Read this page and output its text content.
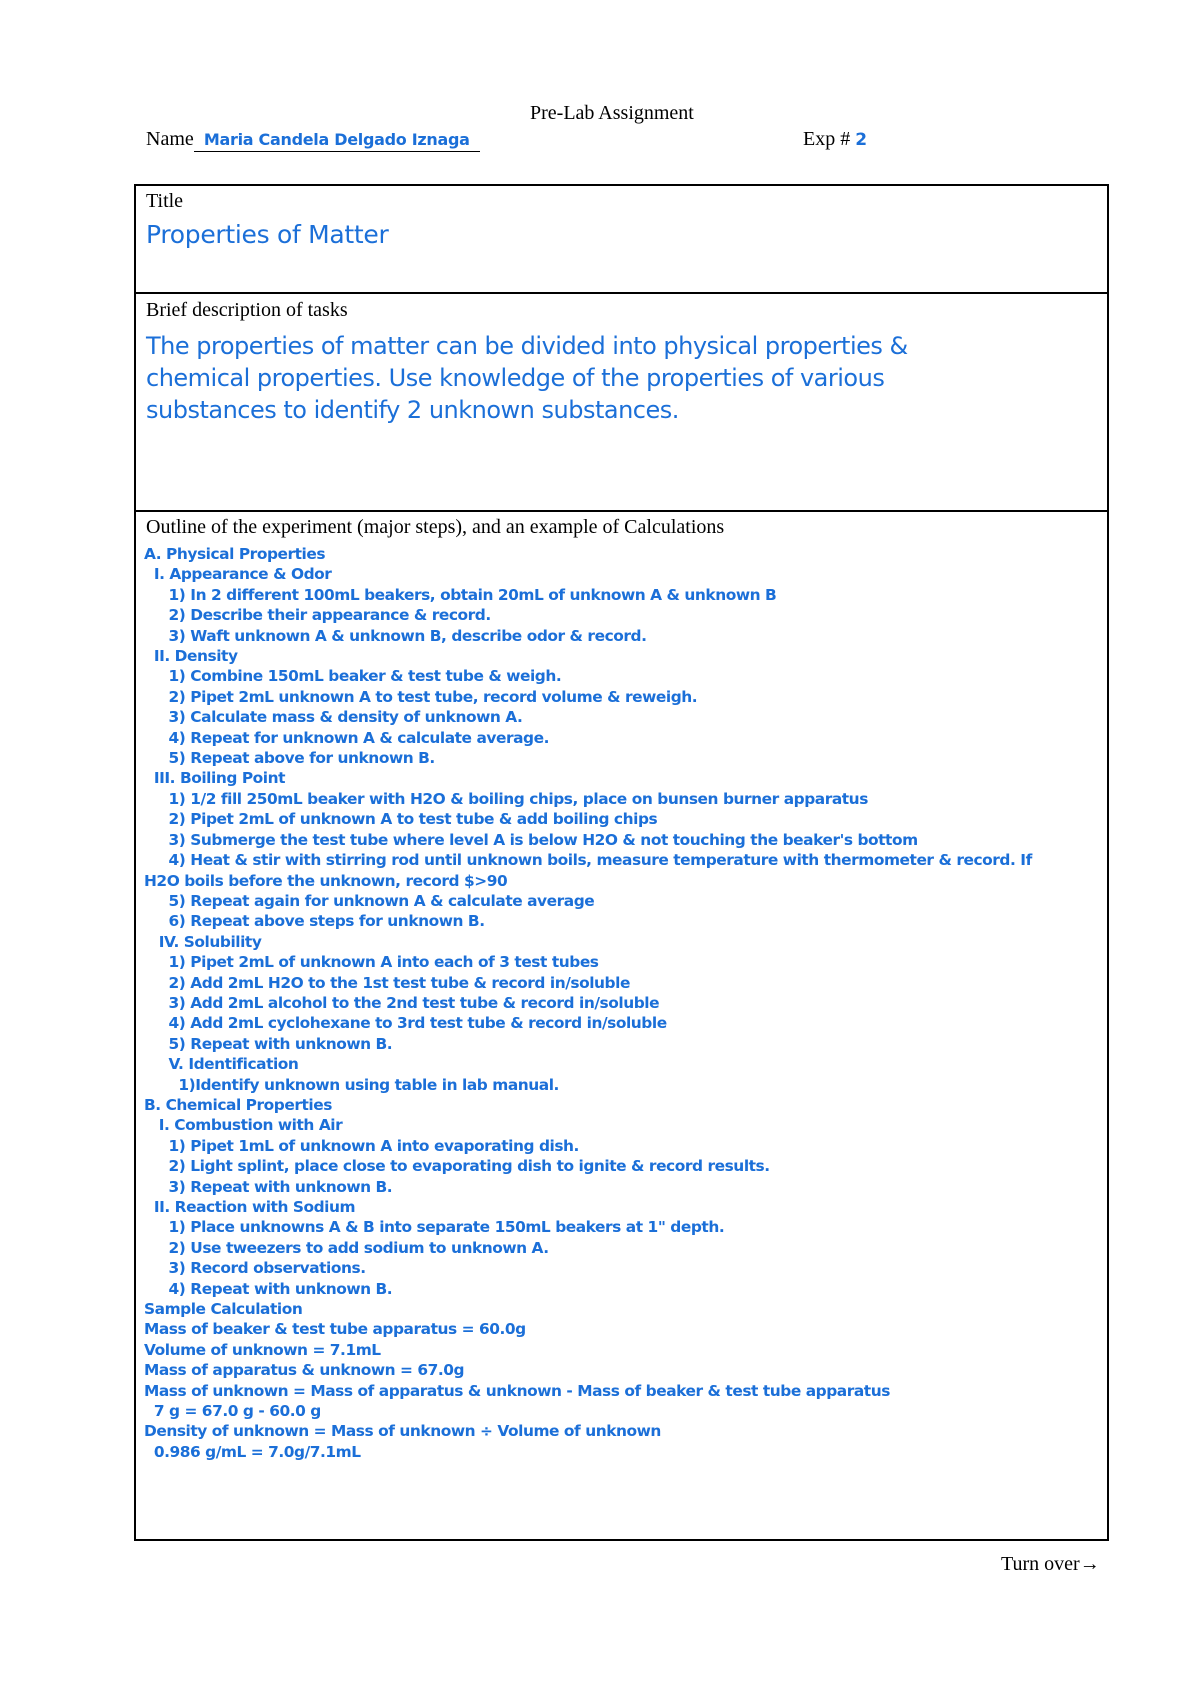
Pre-Lab Assignment
Name Maria Candela Delgado Iznaga	Exp # 2
Title
Properties of Matter
Brief description of tasks
The properties of matter can be divided into physical properties & chemical properties. Use knowledge of the properties of various substances to identify 2 unknown substances.
Outline of the experiment (major steps), and an example of Calculations
A. Physical Properties
I. Appearance & Odor
1) In 2 different 100mL beakers, obtain 20mL of unknown A & unknown B
2) Describe their appearance & record.
3) Waft unknown A & unknown B, describe odor & record.
II. Density
1) Combine 150mL beaker & test tube & weigh.
2) Pipet 2mL unknown A to test tube, record volume & reweigh.
3) Calculate mass & density of unknown A.
4) Repeat for unknown A & calculate average.
5) Repeat above for unknown B.
III. Boiling Point
1) 1/2 fill 250mL beaker with H2O & boiling chips, place on bunsen burner apparatus
2) Pipet 2mL of unknown A to test tube & add boiling chips
3) Submerge the test tube where level A is below H2O & not touching the beaker's bottom
4) Heat & stir with stirring rod until unknown boils, measure temperature with thermometer & record. If
H2O boils before the unknown, record $>90
5) Repeat again for unknown A & calculate average
6) Repeat above steps for unknown B.
IV. Solubility
1) Pipet 2mL of unknown A into each of 3 test tubes
2) Add 2mL H2O to the 1st test tube & record in/soluble
3) Add 2mL alcohol to the 2nd test tube & record in/soluble
4) Add 2mL cyclohexane to 3rd test tube & record in/soluble
5) Repeat with unknown B.
V. Identification
1)Identify unknown using table in lab manual.
B. Chemical Properties
I. Combustion with Air
1) Pipet 1mL of unknown A into evaporating dish.
2) Light splint, place close to evaporating dish to ignite & record results.
3) Repeat with unknown B.
II. Reaction with Sodium
1) Place unknowns A & B into separate 150mL beakers at 1" depth.
2) Use tweezers to add sodium to unknown A.
3) Record observations.
4) Repeat with unknown B.
Sample Calculation
Mass of beaker & test tube apparatus = 60.0g
Volume of unknown = 7.1mL
Mass of apparatus & unknown = 67.0g
Mass of unknown = Mass of apparatus & unknown - Mass of beaker & test tube apparatus
7 g = 67.0 g - 60.0 g
Density of unknown = Mass of unknown ÷ Volume of unknown
0.986 g/mL = 7.0g/7.1mL
Turn over→
